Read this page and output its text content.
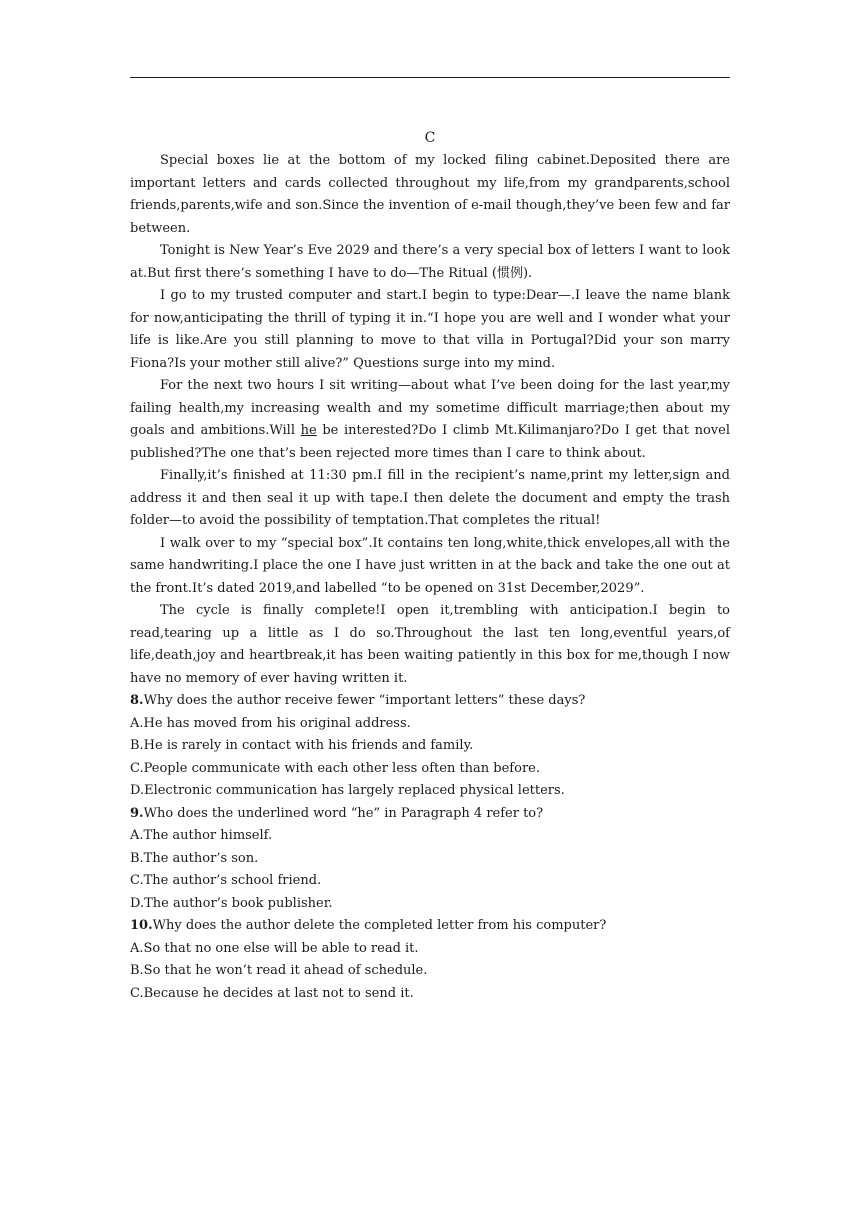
C

Special boxes lie at the bottom of my locked filing cabinet.Deposited there are important letters and cards collected throughout my life,from my grandparents,school friends,parents,wife and son.Since the invention of e-mail though,they’ve been few and far between.

Tonight is New Year’s Eve 2029 and there’s a very special box of letters I want to look at.But first there’s something I have to do—The Ritual (惯例).

I go to my trusted computer and start.I begin to type:Dear—.I leave the name blank for now,anticipating the thrill of typing it in.“I hope you are well and I wonder what your life is like.Are you still planning to move to that villa in Portugal?Did your son marry Fiona?Is your mother still alive?” Questions surge into my mind.

For the next two hours I sit writing—about what I’ve been doing for the last year,my failing health,my increasing wealth and my sometime difficult marriage;then about my goals and ambitions.Will he be interested?Do I climb Mt.Kilimanjaro?Do I get that novel published?The one that’s been rejected more times than I care to think about.

Finally,it’s finished at 11:30 pm.I fill in the recipient’s name,print my letter,sign and address it and then seal it up with tape.I then delete the document and empty the trash folder—to avoid the possibility of temptation.That completes the ritual!

I walk over to my “special box”.It contains ten long,white,thick envelopes,all with the same handwriting.I place the one I have just written in at the back and take the one out at the front.It’s dated 2019,and labelled “to be opened on 31st December,2029”.

The cycle is finally complete!I open it,trembling with anticipation.I begin to read,tearing up a little as I do so.Throughout the last ten long,eventful years,of life,death,joy and heartbreak,it has been waiting patiently in this box for me,though I now have no memory of ever having written it.

8.Why does the author receive fewer “important letters” these days?

A.He has moved from his original address.

B.He is rarely in contact with his friends and family.

C.People communicate with each other less often than before.

D.Electronic communication has largely replaced physical letters.

9.Who does the underlined word “he” in Paragraph 4 refer to?

A.The author himself.

B.The author’s son.

C.The author’s school friend.

D.The author’s book publisher.

10.Why does the author delete the completed letter from his computer?

A.So that no one else will be able to read it.

B.So that he won’t read it ahead of schedule.

C.Because he decides at last not to send it.
